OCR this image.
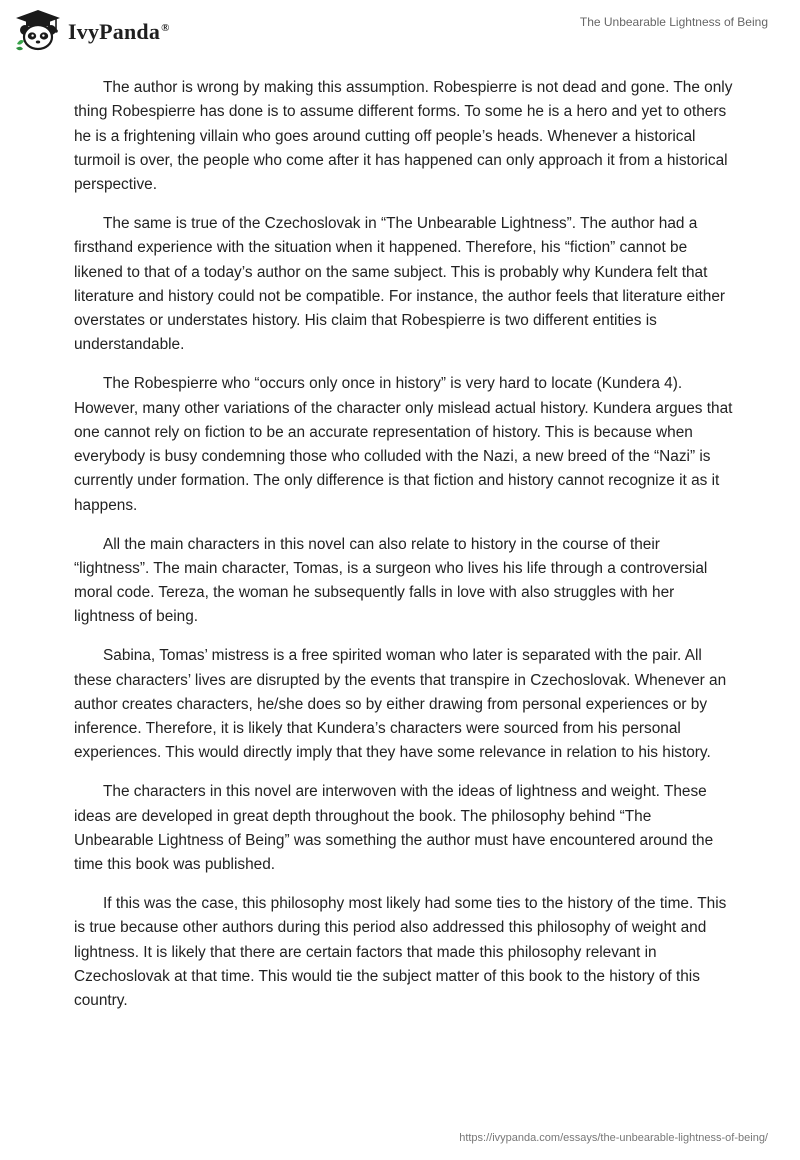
IvyPanda®	The Unbearable Lightness of Being

The author is wrong by making this assumption. Robespierre is not dead and gone. The only thing Robespierre has done is to assume different forms. To some he is a hero and yet to others he is a frightening villain who goes around cutting off people’s heads. Whenever a historical turmoil is over, the people who come after it has happened can only approach it from a historical perspective.

The same is true of the Czechoslovak in “The Unbearable Lightness”. The author had a firsthand experience with the situation when it happened. Therefore, his “fiction” cannot be likened to that of a today’s author on the same subject. This is probably why Kundera felt that literature and history could not be compatible. For instance, the author feels that literature either overstates or understates history. His claim that Robespierre is two different entities is understandable.

The Robespierre who “occurs only once in history” is very hard to locate (Kundera 4). However, many other variations of the character only mislead actual history. Kundera argues that one cannot rely on fiction to be an accurate representation of history. This is because when everybody is busy condemning those who colluded with the Nazi, a new breed of the “Nazi” is currently under formation. The only difference is that fiction and history cannot recognize it as it happens.

All the main characters in this novel can also relate to history in the course of their “lightness”. The main character, Tomas, is a surgeon who lives his life through a controversial moral code. Tereza, the woman he subsequently falls in love with also struggles with her lightness of being.

Sabina, Tomas’ mistress is a free spirited woman who later is separated with the pair. All these characters’ lives are disrupted by the events that transpire in Czechoslovak. Whenever an author creates characters, he/she does so by either drawing from personal experiences or by inference. Therefore, it is likely that Kundera’s characters were sourced from his personal experiences. This would directly imply that they have some relevance in relation to his history.

The characters in this novel are interwoven with the ideas of lightness and weight. These ideas are developed in great depth throughout the book. The philosophy behind “The Unbearable Lightness of Being” was something the author must have encountered around the time this book was published.

If this was the case, this philosophy most likely had some ties to the history of the time. This is true because other authors during this period also addressed this philosophy of weight and lightness. It is likely that there are certain factors that made this philosophy relevant in Czechoslovak at that time. This would tie the subject matter of this book to the history of this country.

https://ivypanda.com/essays/the-unbearable-lightness-of-being/
